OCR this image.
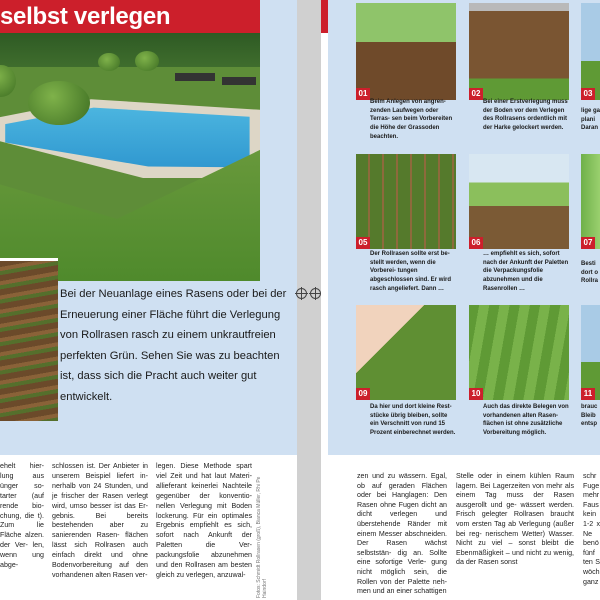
selbst verlegen

Bei der Neuanlage eines Rasens oder bei der Erneuerung einer Fläche führt die Verlegung von Rollrasen rasch zu einem unkrautfreien perfekten Grün. Sehen Sie was zu beachten ist, dass sich die Pracht auch weiter gut entwickelt.

ehelt hier- lung aus ünger so- tarter (auf rende bio- chung, die t). Zum lie Fläche alzen. der Ver- len, wenn ung abge-

schlossen ist. Der Anbieter in unserem Beispiel liefert in- nerhalb von 24 Stunden, und je frischer der Rasen verlegt wird, umso besser ist das Er- gebnis. Bei bereits bestehenden aber zu sanierenden Rasen- flächen lässt sich Rollrasen auch einfach direkt und ohne Bodenvorbereitung auf den vorhandenen alten Rasen ver-

legen. Diese Methode spart viel Zeit und hat laut Materi- allieferant keinerlei Nachteile gegenüber der konventio- nellen Verlegung mit Boden lockerung. Für ein optimales Ergebnis empfiehlt es sich, sofort nach Ankunft der Paletten die Ver- packungsfolie abzunehmen und den Rollrasen am besten gleich zu verlegen, anzuwal-	Fotos: Schmidt Rollrasen (groß), Bianca Müller, Rhi Pe Haindorf

01

Beim Anlegen von angren- zenden Laufwegen oder Terras- sen beim Vorbereiten die Höhe der Grassoden beachten.

02

Bei einer Erstverlegung muss der Boden vor dem Verlegen des Rollrasens ordentlich mit der Harke gelockert werden.

03

lige ga plani Daran

05

Der Rollrasen sollte erst be- stellt werden, wenn die Vorberei- tungen abgeschlossen sind. Er wird rasch angeliefert. Dann …

06

… empfiehlt es sich, sofort nach der Ankunft der Paletten die Verpackungsfolie abzunehmen und die Rasenrollen …

07

Besti dort o Rollra

09

Da hier und dort kleine Rest- stücke übrig bleiben, sollte ein Verschnitt von rund 15 Prozent einberechnet werden.

10

Auch das direkte Belegen von vorhandenen alten Rasen- flächen ist ohne zusätzliche Vorbereitung möglich.

11

brauc Bleib entsp

zen und zu wässern. Egal, ob auf geraden Flächen oder bei Hanglagen: Den Rasen ohne Fugen dicht an dicht verlegen und überstehende Ränder mit einem Messer abschneiden. Der Rasen wächst selbststän- dig an. Sollte eine sofortige Verle- gung nicht möglich sein, die Rollen von der Palette neh- men und an einer schattigen

Stelle oder in einem kühlen Raum lagern. Bei Lagerzeiten von mehr als einem Tag muss der Rasen ausgerollt und ge- wässert werden. Frisch gelegter Rollrasen braucht vom ersten Tag ab Verlegung (außer bei reg- nerischem Wetter) Wasser. Nicht zu viel – sonst bleibt die Ebenmäßigkeit – und nicht zu wenig, da der Rasen sonst

schr Fuge mehr Faus kein 1-2 x Ne benö fünf ten S wöch ganz
